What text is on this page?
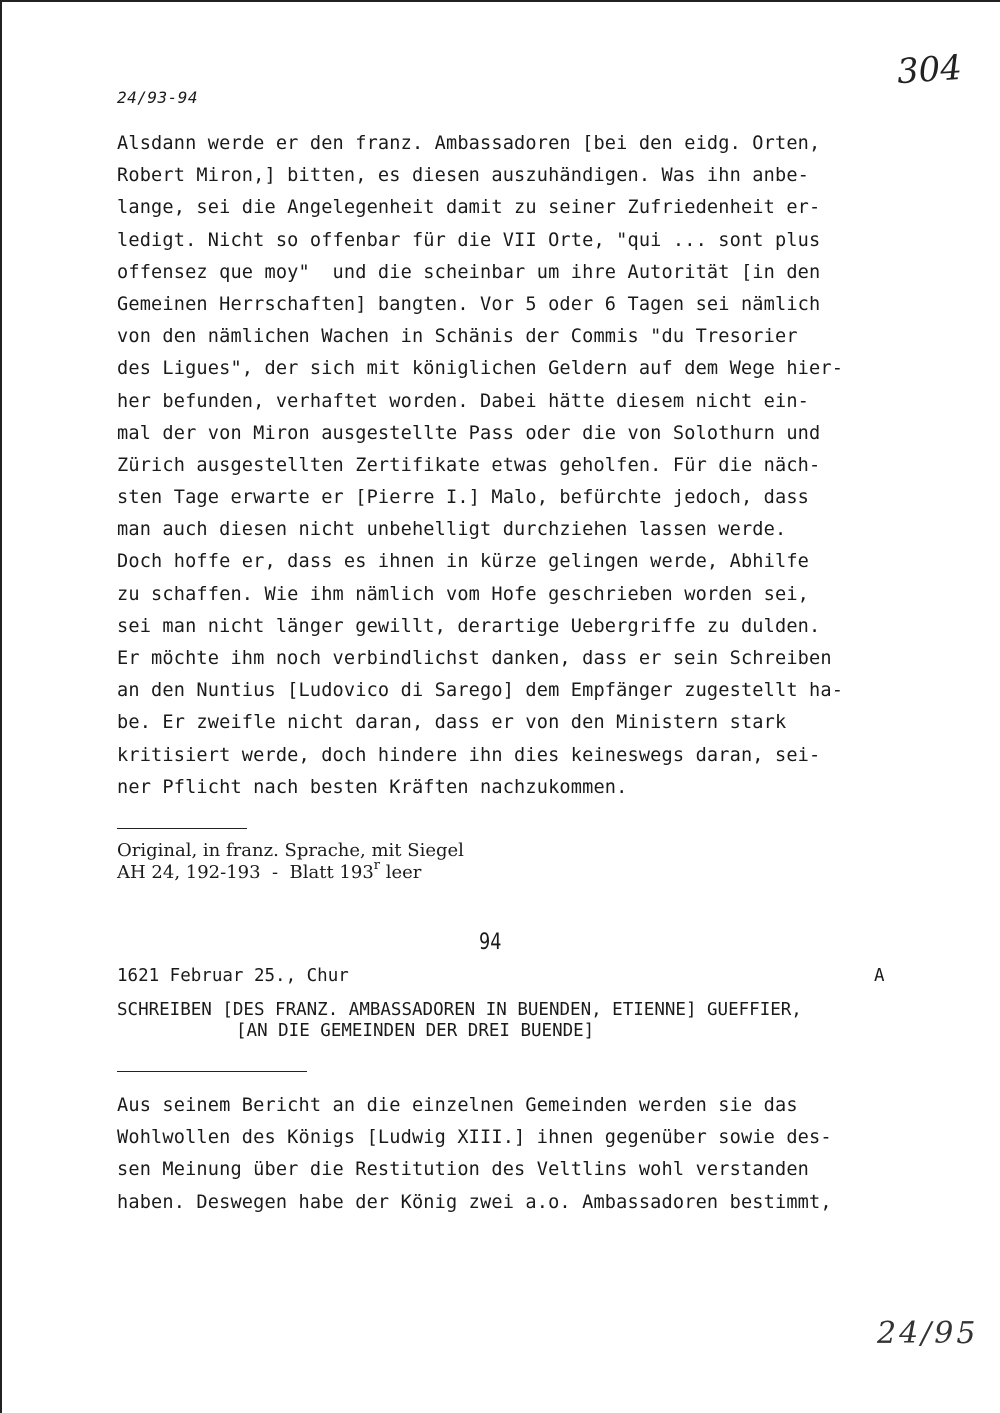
24/93-94
304
Alsdann werde er den franz. Ambassadoren [bei den eidg. Orten,
Robert Miron,] bitten, es diesen auszuhändigen. Was ihn anbe-
lange, sei die Angelegenheit damit zu seiner Zufriedenheit er-
ledigt. Nicht so offenbar für die VII Orte, "qui ... sont plus
offensez que moy"  und die scheinbar um ihre Autorität [in den
Gemeinen Herrschaften] bangten. Vor 5 oder 6 Tagen sei nämlich
von den nämlichen Wachen in Schänis der Commis "du Tresorier
des Ligues", der sich mit königlichen Geldern auf dem Wege hier-
her befunden, verhaftet worden. Dabei hätte diesem nicht ein-
mal der von Miron ausgestellte Pass oder die von Solothurn und
Zürich ausgestellten Zertifikate etwas geholfen. Für die näch-
sten Tage erwarte er [Pierre I.] Malo, befürchte jedoch, dass
man auch diesen nicht unbehelligt durchziehen lassen werde.
Doch hoffe er, dass es ihnen in kürze gelingen werde, Abhilfe
zu schaffen. Wie ihm nämlich vom Hofe geschrieben worden sei,
sei man nicht länger gewillt, derartige Uebergriffe zu dulden.
Er möchte ihm noch verbindlichst danken, dass er sein Schreiben
an den Nuntius [Ludovico di Sarego] dem Empfänger zugestellt ha-
be. Er zweifle nicht daran, dass er von den Ministern stark
kritisiert werde, doch hindere ihn dies keineswegs daran, sei-
ner Pflicht nach besten Kräften nachzukommen.
Original, in franz. Sprache, mit Siegel
AH 24, 192-193  -  Blatt 193$^r$ leer
94
1621 Februar 25., Chur	A
SCHREIBEN [DES FRANZ. AMBASSADOREN IN BUENDEN, ETIENNE] GUEFFIER,
[AN DIE GEMEINDEN DER DREI BUENDE]
Aus seinem Bericht an die einzelnen Gemeinden werden sie das
Wohlwollen des Königs [Ludwig XIII.] ihnen gegenüber sowie des-
sen Meinung über die Restitution des Veltlins wohl verstanden
haben. Deswegen habe der König zwei a.o. Ambassadoren bestimmt,
24/95
